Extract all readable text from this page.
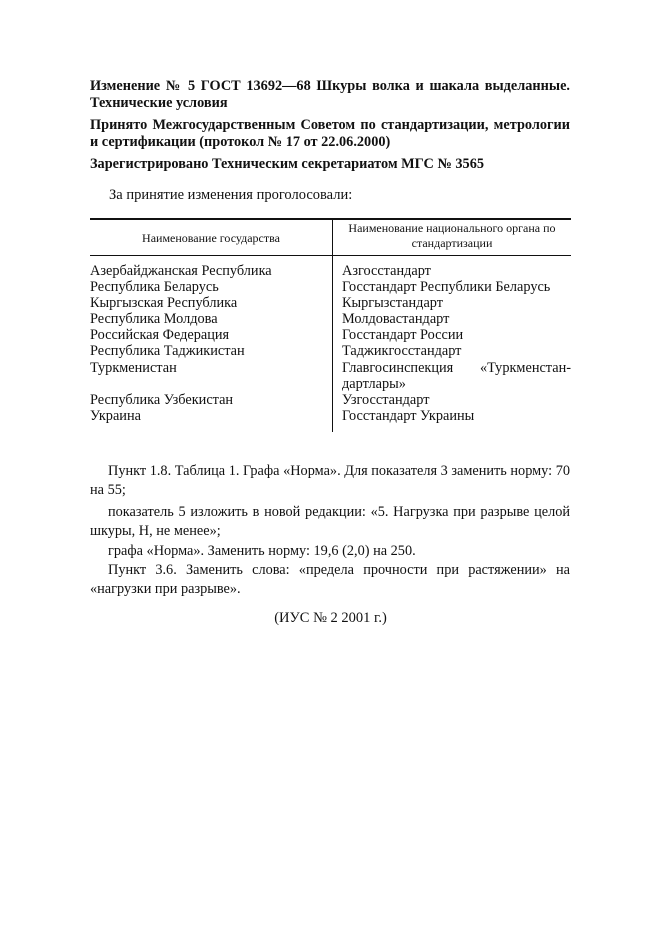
Изменение № 5 ГОСТ 13692—68 Шкуры волка и шакала выделанные. Технические условия
Принято Межгосударственным Советом по стандартизации, метрологии и сертификации (протокол № 17 от 22.06.2000)
Зарегистрировано Техническим секретариатом МГС № 3565
За принятие изменения проголосовали:
Наименование государства
Наименование национального органа по стандартизации
Азербайджанская Республика
Республика Беларусь
Кыргызская Республика
Республика Молдова
Российская Федерация
Республика Таджикистан
Туркменистан
Республика Узбекистан
Украина
Азгосстандарт
Госстандарт Республики Беларусь
Кыргызстандарт
Молдовастандарт
Госстандарт России
Таджикгосстандарт
Главгосинспекция «Туркменстан-дартлары»
Узгосстандарт
Госстандарт Украины
Пункт 1.8. Таблица 1. Графа «Норма». Для показателя 3 заменить норму: 70 на 55;
показатель 5 изложить в новой редакции: «5. Нагрузка при разрыве целой шкуры, Н, не менее»;
графа «Норма». Заменить норму: 19,6 (2,0) на 250.
Пункт 3.6. Заменить слова: «предела прочности при растяжении» на «нагрузки при разрыве».
(ИУС № 2 2001 г.)
